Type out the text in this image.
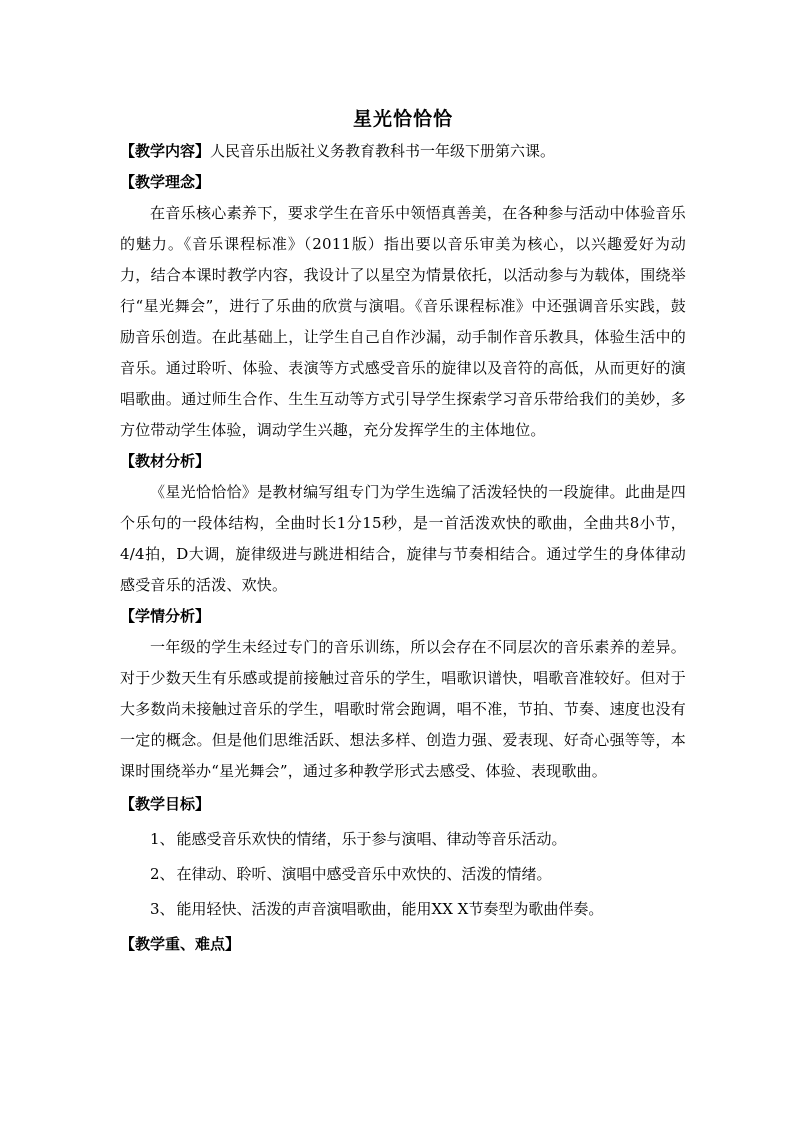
星光恰恰恰

【教学内容】人民音乐出版社义务教育教科书一年级下册第六课。

【教学理念】

在音乐核心素养下，要求学生在音乐中领悟真善美，在各种参与活动中体验音乐的魅力。《音乐课程标准》（2011版）指出要以音乐审美为核心，以兴趣爱好为动力，结合本课时教学内容，我设计了以星空为情景依托，以活动参与为载体，围绕举行“星光舞会”，进行了乐曲的欣赏与演唱。《音乐课程标准》中还强调音乐实践，鼓励音乐创造。在此基础上，让学生自己自作沙漏，动手制作音乐教具，体验生活中的音乐。通过聆听、体验、表演等方式感受音乐的旋律以及音符的高低，从而更好的演唱歌曲。通过师生合作、生生互动等方式引导学生探索学习音乐带给我们的美妙，多方位带动学生体验，调动学生兴趣，充分发挥学生的主体地位。

【教材分析】

《星光恰恰恰》是教材编写组专门为学生选编了活泼轻快的一段旋律。此曲是四个乐句的一段体结构，全曲时长1分15秒，是一首活泼欢快的歌曲，全曲共8小节，4/4拍，D大调，旋律级进与跳进相结合，旋律与节奏相结合。通过学生的身体律动感受音乐的活泼、欢快。

【学情分析】

一年级的学生未经过专门的音乐训练，所以会存在不同层次的音乐素养的差异。对于少数天生有乐感或提前接触过音乐的学生，唱歌识谱快，唱歌音准较好。但对于大多数尚未接触过音乐的学生，唱歌时常会跑调，唱不准，节拍、节奏、速度也没有一定的概念。但是他们思维活跃、想法多样、创造力强、爱表现、好奇心强等等，本课时围绕举办“星光舞会”，通过多种教学形式去感受、体验、表现歌曲。

【教学目标】

1、 能感受音乐欢快的情绪，乐于参与演唱、律动等音乐活动。

2、 在律动、聆听、演唱中感受音乐中欢快的、活泼的情绪。

3、 能用轻快、活泼的声音演唱歌曲，能用XX X节奏型为歌曲伴奏。

【教学重、难点】
